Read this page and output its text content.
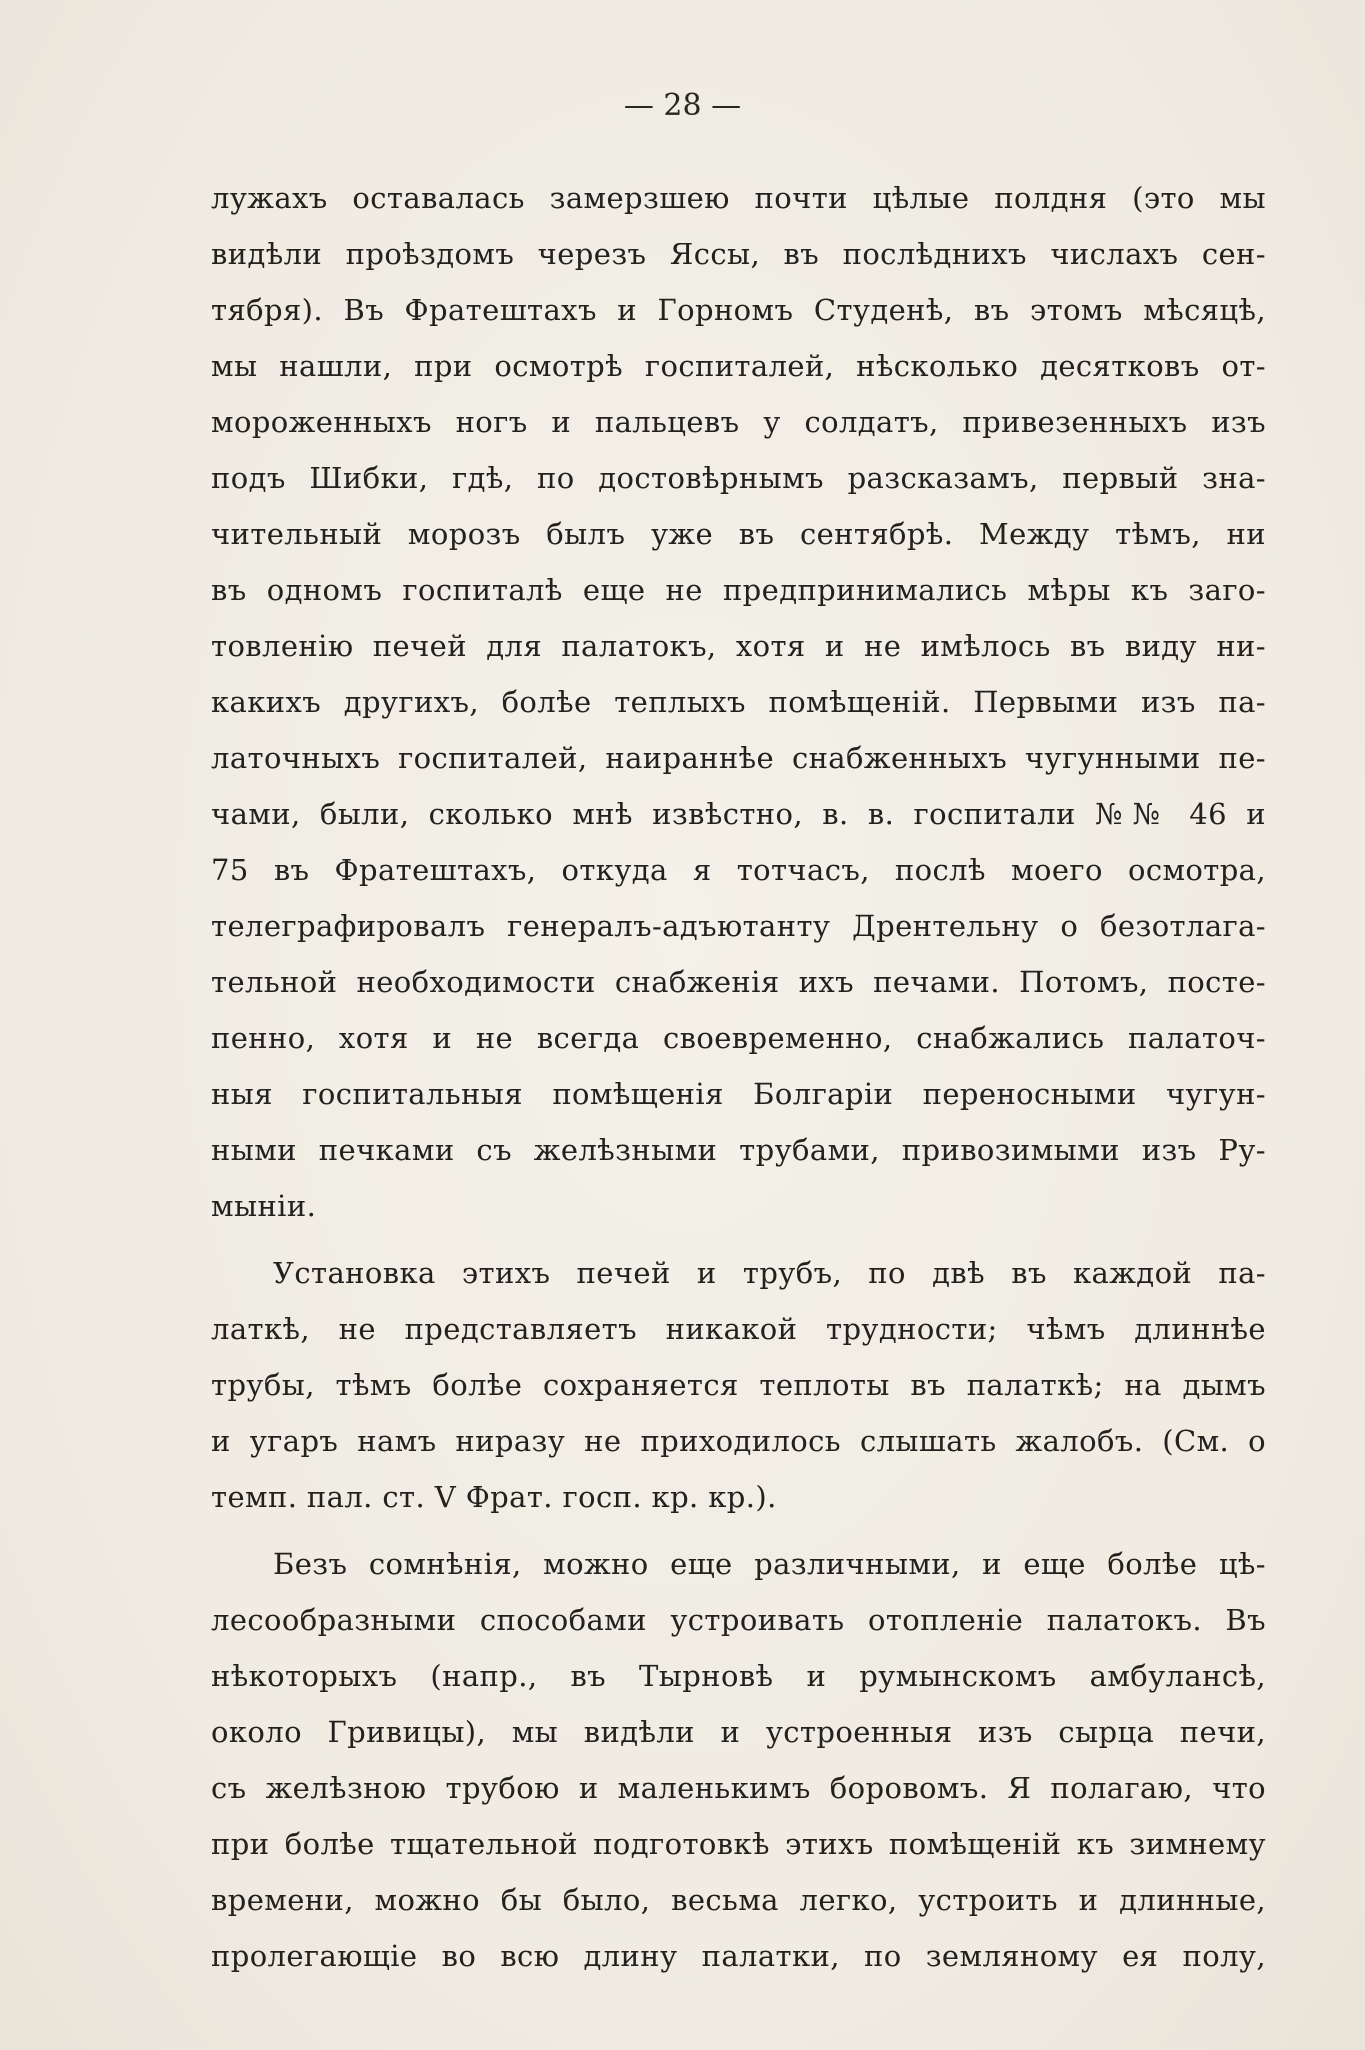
— 28 —
лужахъ оставалась замерзшею почти цѣлые полдня (это мы
видѣли проѣздомъ черезъ Яссы, въ послѣднихъ числахъ сен-
тября). Въ Фратештахъ и Горномъ Студенѣ, въ этомъ мѣсяцѣ,
мы нашли, при осмотрѣ госпиталей, нѣсколько десятковъ от-
мороженныхъ ногъ и пальцевъ у солдатъ, привезенныхъ изъ
подъ Шибки, гдѣ, по достовѣрнымъ разсказамъ, первый зна-
чительный морозъ былъ уже въ сентябрѣ. Между тѣмъ, ни
въ одномъ госпиталѣ еще не предпринимались мѣры къ заго-
товленію печей для палатокъ, хотя и не имѣлось въ виду ни-
какихъ другихъ, болѣе теплыхъ помѣщеній. Первыми изъ па-
латочныхъ госпиталей, наираннѣе снабженныхъ чугунными пе-
чами, были, сколько мнѣ извѣстно, в. в. госпитали №№ 46 и
75 въ Фратештахъ, откуда я тотчасъ, послѣ моего осмотра,
телеграфировалъ генералъ-адъютанту Дрентельну о безотлага-
тельной необходимости снабженія ихъ печами. Потомъ, посте-
пенно, хотя и не всегда своевременно, снабжались палаточ-
ныя госпитальныя помѣщенія Болгаріи переносными чугун-
ными печками съ желѣзными трубами, привозимыми изъ Ру-
мыніи.
Установка этихъ печей и трубъ, по двѣ въ каждой па-
латкѣ, не представляетъ никакой трудности; чѣмъ длиннѣе
трубы, тѣмъ болѣе сохраняется теплоты въ палаткѣ; на дымъ
и угаръ намъ ниразу не приходилось слышать жалобъ. (См. о
темп. пал. ст. V Фрат. госп. кр. кр.).
Безъ сомнѣнія, можно еще различными, и еще болѣе цѣ-
лесообразными способами устроивать отопленіе палатокъ. Въ
нѣкоторыхъ (напр., въ Тырновѣ и румынскомъ амбулансѣ,
около Гривицы), мы видѣли и устроенныя изъ сырца печи,
съ желѣзною трубою и маленькимъ боровомъ. Я полагаю, что
при болѣе тщательной подготовкѣ этихъ помѣщеній къ зимнему
времени, можно бы было, весьма легко, устроить и длинные,
пролегающіе во всю длину палатки, по земляному ея полу,
